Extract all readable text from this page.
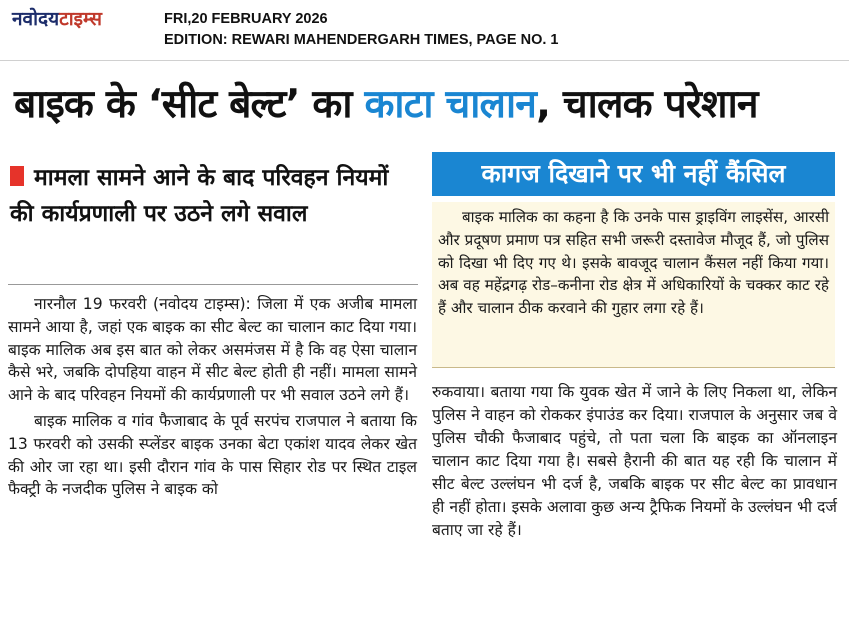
नवोदयटाइम्स	FRI,20 FEBRUARY 2026
EDITION: REWARI MAHENDERGARH TIMES, PAGE NO. 1
बाइक के ‘सीट बेल्ट’ का काटा चालान, चालक परेशान
मामला सामने आने के बाद परिवहन नियमों की कार्यप्रणाली पर उठने लगे सवाल

नारनौल 19 फरवरी (नवोदय टाइम्स): जिला में एक अजीब मामला सामने आया है, जहां एक बाइक का सीट बेल्ट का चालान काट दिया गया। बाइक मालिक अब इस बात को लेकर असमंजस में है कि वह ऐसा चालान कैसे भरे, जबकि दोपहिया वाहन में सीट बेल्ट होती ही नहीं। मामला सामने आने के बाद परिवहन नियमों की कार्यप्रणाली पर भी सवाल उठने लगे हैं।

बाइक मालिक व गांव फैजाबाद के पूर्व सरपंच राजपाल ने बताया कि 13 फरवरी को उसकी स्प्लेंडर बाइक उनका बेटा एकांश यादव लेकर खेत की ओर जा रहा था। इसी दौरान गांव के पास सिहार रोड पर स्थित टाइल फैक्ट्री के नजदीक पुलिस ने बाइक को

कागज दिखाने पर भी नहीं कैंसिल

बाइक मालिक का कहना है कि उनके पास ड्राइविंग लाइसेंस, आरसी और प्रदूषण प्रमाण पत्र सहित सभी जरूरी दस्तावेज मौजूद हैं, जो पुलिस को दिखा भी दिए गए थे। इसके बावजूद चालान कैंसल नहीं किया गया। अब वह महेंद्रगढ़ रोड–कनीना रोड क्षेत्र में अधिकारियों के चक्कर काट रहे हैं और चालान ठीक करवाने की गुहार लगा रहे हैं।

रुकवाया। बताया गया कि युवक खेत में जाने के लिए निकला था, लेकिन पुलिस ने वाहन को रोककर इंपाउंड कर दिया। राजपाल के अनुसार जब वे पुलिस चौकी फैजाबाद पहुंचे, तो पता चला कि बाइक का ऑनलाइन चालान काट दिया गया है। सबसे हैरानी की बात यह रही कि चालान में सीट बेल्ट उल्लंघन भी दर्ज है, जबकि बाइक पर सीट बेल्ट का प्रावधान ही नहीं होता। इसके अलावा कुछ अन्य ट्रैफिक नियमों के उल्लंघन भी दर्ज बताए जा रहे हैं।
